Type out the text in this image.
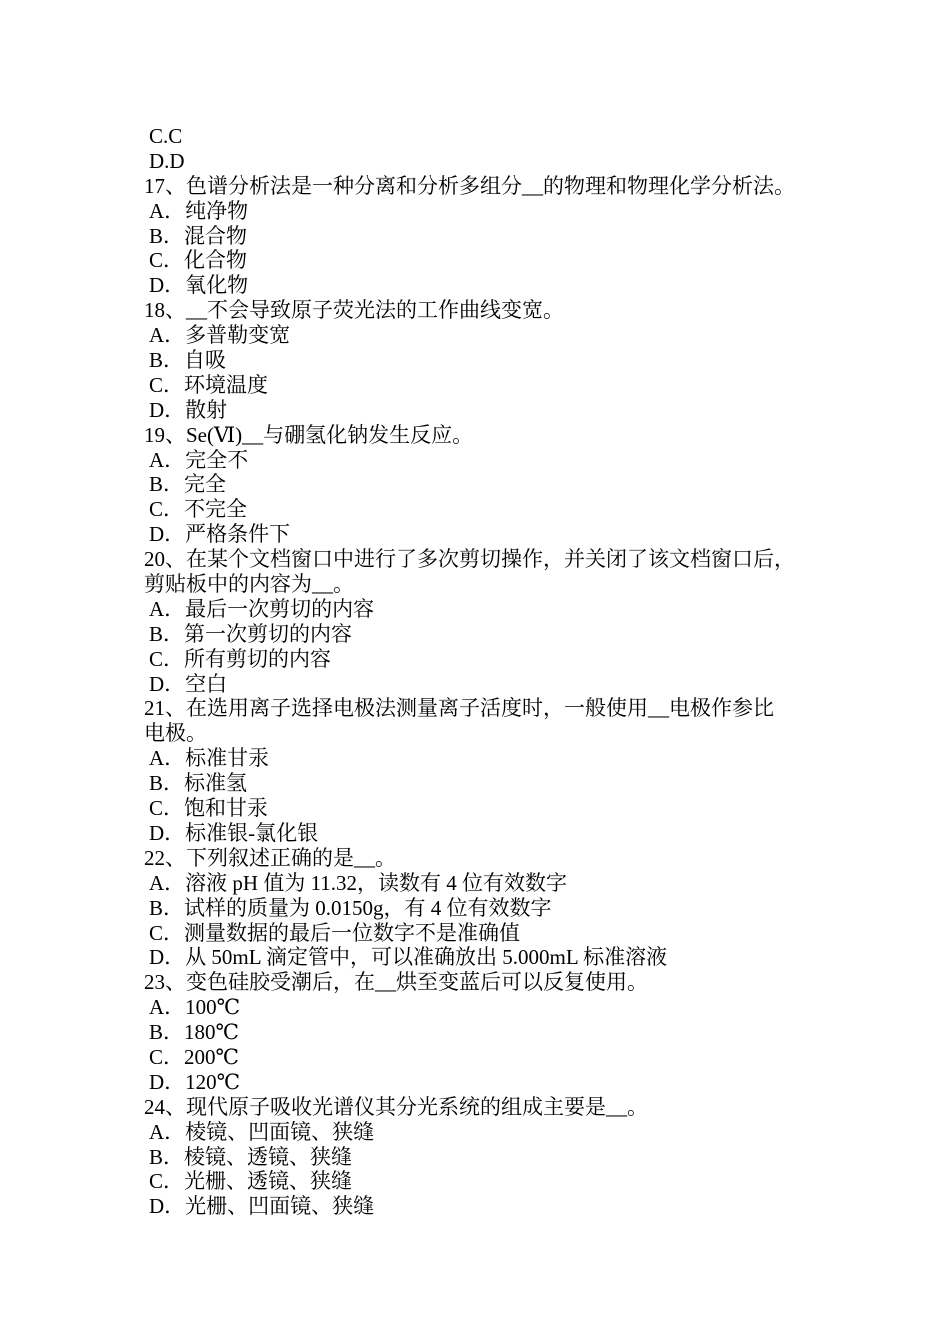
C.C
D.D
17、色谱分析法是一种分离和分析多组分__的物理和物理化学分析法。
A．纯净物
B．混合物
C．化合物
D．氧化物
18、__不会导致原子荧光法的工作曲线变宽。
A．多普勒变宽
B．自吸
C．环境温度
D．散射
19、Se(Ⅵ)__与硼氢化钠发生反应。
A．完全不
B．完全
C．不完全
D．严格条件下
20、在某个文档窗口中进行了多次剪切操作，并关闭了该文档窗口后，
剪贴板中的内容为__。
A．最后一次剪切的内容
B．第一次剪切的内容
C．所有剪切的内容
D．空白
21、在选用离子选择电极法测量离子活度时，一般使用__电极作参比
电极。
A．标准甘汞
B．标准氢
C．饱和甘汞
D．标准银-氯化银
22、下列叙述正确的是__。
A．溶液 pH 值为 11.32，读数有 4 位有效数字
B．试样的质量为 0.0150g，有 4 位有效数字
C．测量数据的最后一位数字不是准确值
D．从 50mL 滴定管中，可以准确放出 5.000mL 标准溶液
23、变色硅胶受潮后，在__烘至变蓝后可以反复使用。
A．100℃
B．180℃
C．200℃
D．120℃
24、现代原子吸收光谱仪其分光系统的组成主要是__。
A．棱镜、凹面镜、狭缝
B．棱镜、透镜、狭缝
C．光栅、透镜、狭缝
D．光栅、凹面镜、狭缝
